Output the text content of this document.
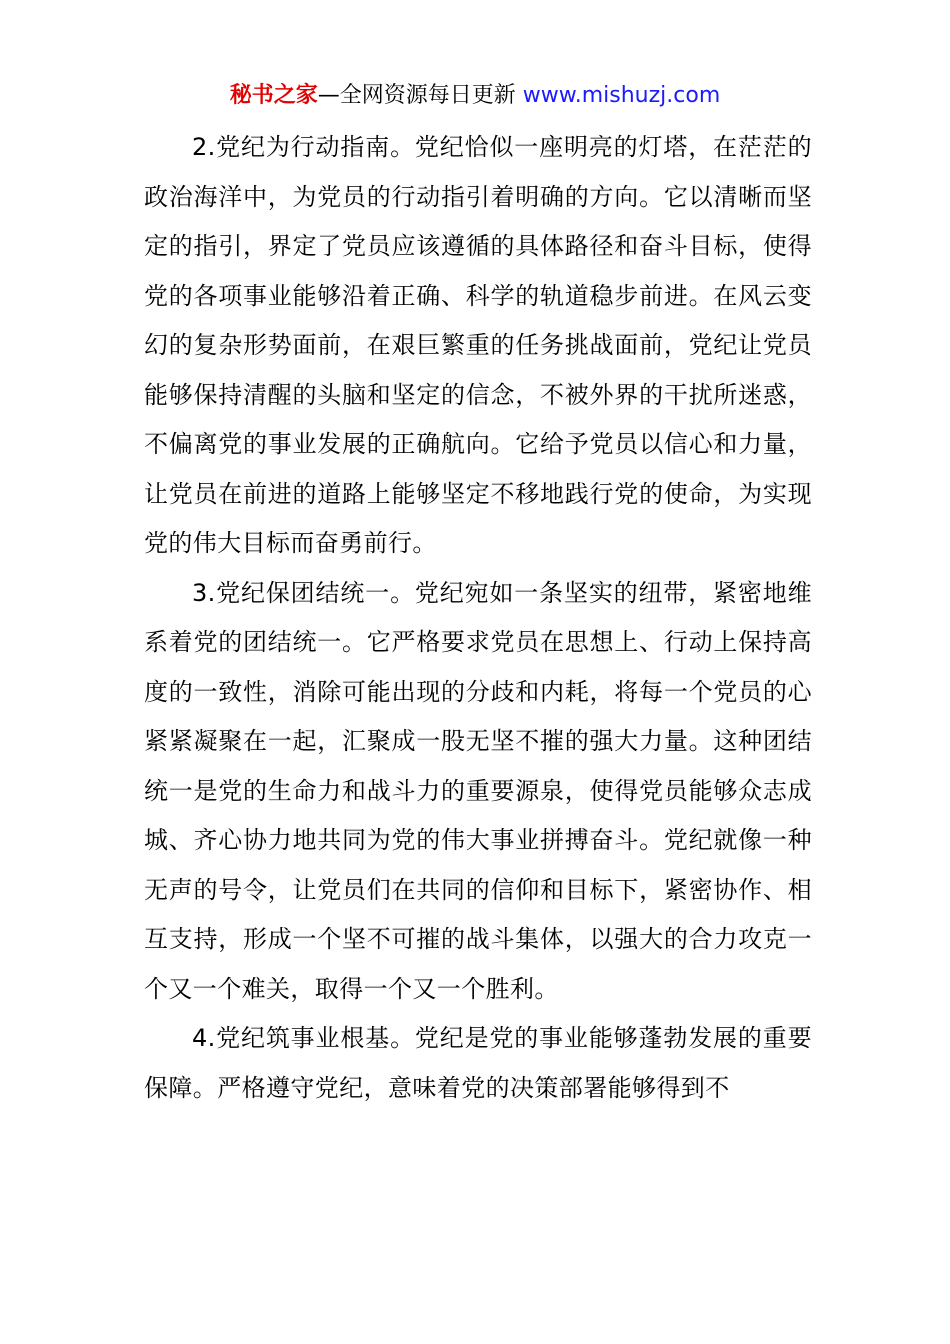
秘书之家—全网资源每日更新 www.mishuzj.com

2.党纪为行动指南。党纪恰似一座明亮的灯塔，在茫茫的政治海洋中，为党员的行动指引着明确的方向。它以清晰而坚定的指引，界定了党员应该遵循的具体路径和奋斗目标，使得党的各项事业能够沿着正确、科学的轨道稳步前进。在风云变幻的复杂形势面前，在艰巨繁重的任务挑战面前，党纪让党员能够保持清醒的头脑和坚定的信念，不被外界的干扰所迷惑，不偏离党的事业发展的正确航向。它给予党员以信心和力量，让党员在前进的道路上能够坚定不移地践行党的使命，为实现党的伟大目标而奋勇前行。

3.党纪保团结统一。党纪宛如一条坚实的纽带，紧密地维系着党的团结统一。它严格要求党员在思想上、行动上保持高度的一致性，消除可能出现的分歧和内耗，将每一个党员的心紧紧凝聚在一起，汇聚成一股无坚不摧的强大力量。这种团结统一是党的生命力和战斗力的重要源泉，使得党员能够众志成城、齐心协力地共同为党的伟大事业拼搏奋斗。党纪就像一种无声的号令，让党员们在共同的信仰和目标下，紧密协作、相互支持，形成一个坚不可摧的战斗集体，以强大的合力攻克一个又一个难关，取得一个又一个胜利。

4.党纪筑事业根基。党纪是党的事业能够蓬勃发展的重要保障。严格遵守党纪，意味着党的决策部署能够得到不
